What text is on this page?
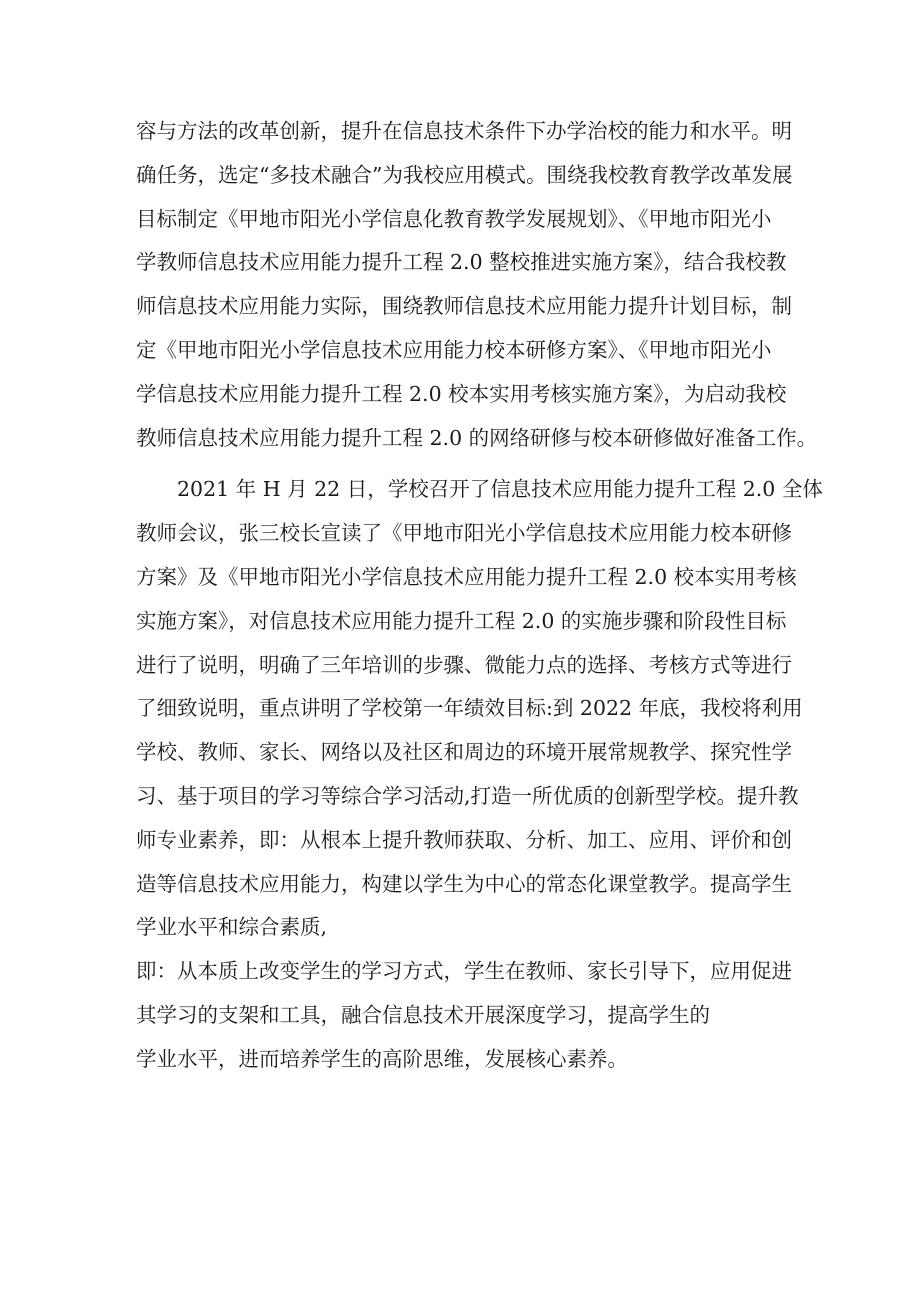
容与方法的改革创新，提升在信息技术条件下办学治校的能力和水平。明
确任务，选定“多技术融合”为我校应用模式。围绕我校教育教学改革发展
目标制定《甲地市阳光小学信息化教育教学发展规划》、《甲地市阳光小
学教师信息技术应用能力提升工程 2.0 整校推进实施方案》，结合我校教
师信息技术应用能力实际，围绕教师信息技术应用能力提升计划目标，制
定《甲地市阳光小学信息技术应用能力校本研修方案》、《甲地市阳光小
学信息技术应用能力提升工程 2.0 校本实用考核实施方案》，为启动我校
教师信息技术应用能力提升工程 2.0 的网络研修与校本研修做好准备工作。
　　2021 年 H 月 22 日，学校召开了信息技术应用能力提升工程 2.0 全体
教师会议，张三校长宣读了《甲地市阳光小学信息技术应用能力校本研修
方案》及《甲地市阳光小学信息技术应用能力提升工程 2.0 校本实用考核
实施方案》，对信息技术应用能力提升工程 2.0 的实施步骤和阶段性目标
进行了说明，明确了三年培训的步骤、微能力点的选择、考核方式等进行
了细致说明，重点讲明了学校第一年绩效目标:到 2022 年底，我校将利用
学校、教师、家长、网络以及社区和周边的环境开展常规教学、探究性学
习、基于项目的学习等综合学习活动,打造一所优质的创新型学校。提升教
师专业素养，即：从根本上提升教师获取、分析、加工、应用、评价和创
造等信息技术应用能力，构建以学生为中心的常态化课堂教学。提高学生
学业水平和综合素质,
即：从本质上改变学生的学习方式，学生在教师、家长引导下，应用促进
其学习的支架和工具，融合信息技术开展深度学习，提高学生的
学业水平，进而培养学生的高阶思维，发展核心素养。
